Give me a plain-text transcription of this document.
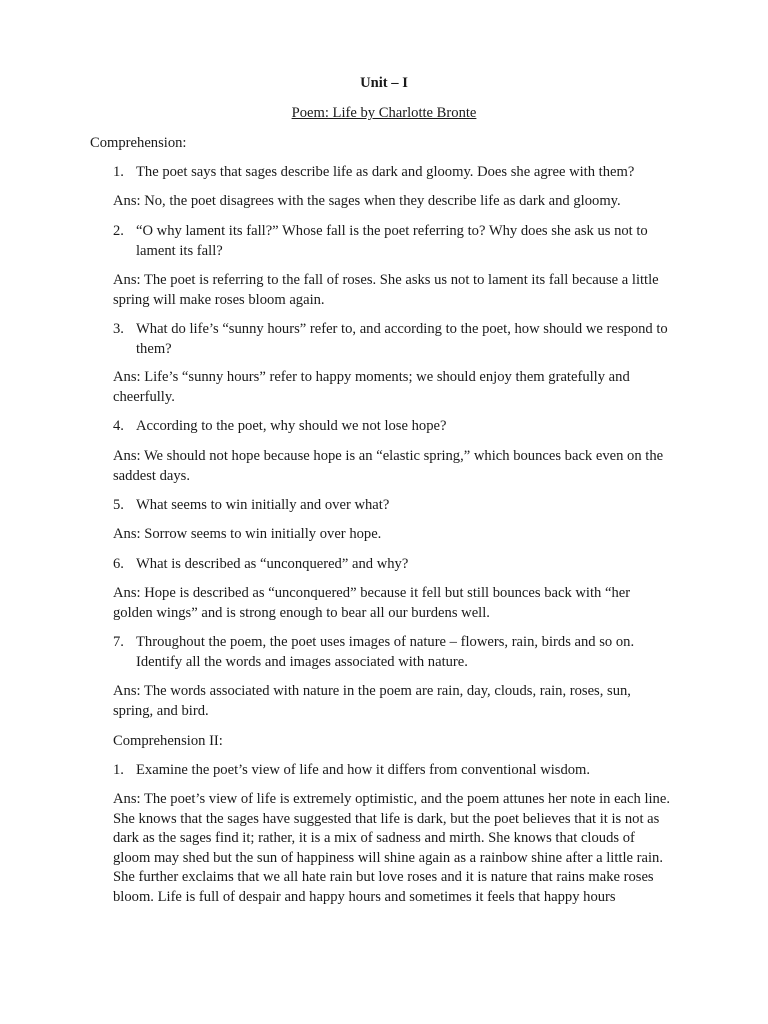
Unit – I
Poem: Life by Charlotte Bronte
Comprehension:
1. The poet says that sages describe life as dark and gloomy. Does she agree with them?
Ans: No, the poet disagrees with the sages when they describe life as dark and gloomy.
2. “O why lament its fall?” Whose fall is the poet referring to? Why does she ask us not to lament its fall?
Ans: The poet is referring to the fall of roses. She asks us not to lament its fall because a little spring will make roses bloom again.
3. What do life’s “sunny hours” refer to, and according to the poet, how should we respond to them?
Ans: Life’s “sunny hours” refer to happy moments; we should enjoy them gratefully and cheerfully.
4. According to the poet, why should we not lose hope?
Ans: We should not hope because hope is an “elastic spring,” which bounces back even on the saddest days.
5. What seems to win initially and over what?
Ans: Sorrow seems to win initially over hope.
6. What is described as “unconquered” and why?
Ans: Hope is described as “unconquered” because it fell but still bounces back with “her golden wings” and is strong enough to bear all our burdens well.
7. Throughout the poem, the poet uses images of nature – flowers, rain, birds and so on. Identify all the words and images associated with nature.
Ans: The words associated with nature in the poem are rain, day, clouds, rain, roses, sun, spring, and bird.
Comprehension II:
1. Examine the poet’s view of life and how it differs from conventional wisdom.
Ans: The poet’s view of life is extremely optimistic, and the poem attunes her note in each line. She knows that the sages have suggested that life is dark, but the poet believes that it is not as dark as the sages find it; rather, it is a mix of sadness and mirth. She knows that clouds of gloom may shed but the sun of happiness will shine again as a rainbow shine after a little rain. She further exclaims that we all hate rain but love roses and it is nature that rains make roses bloom. Life is full of despair and happy hours and sometimes it feels that happy hours
